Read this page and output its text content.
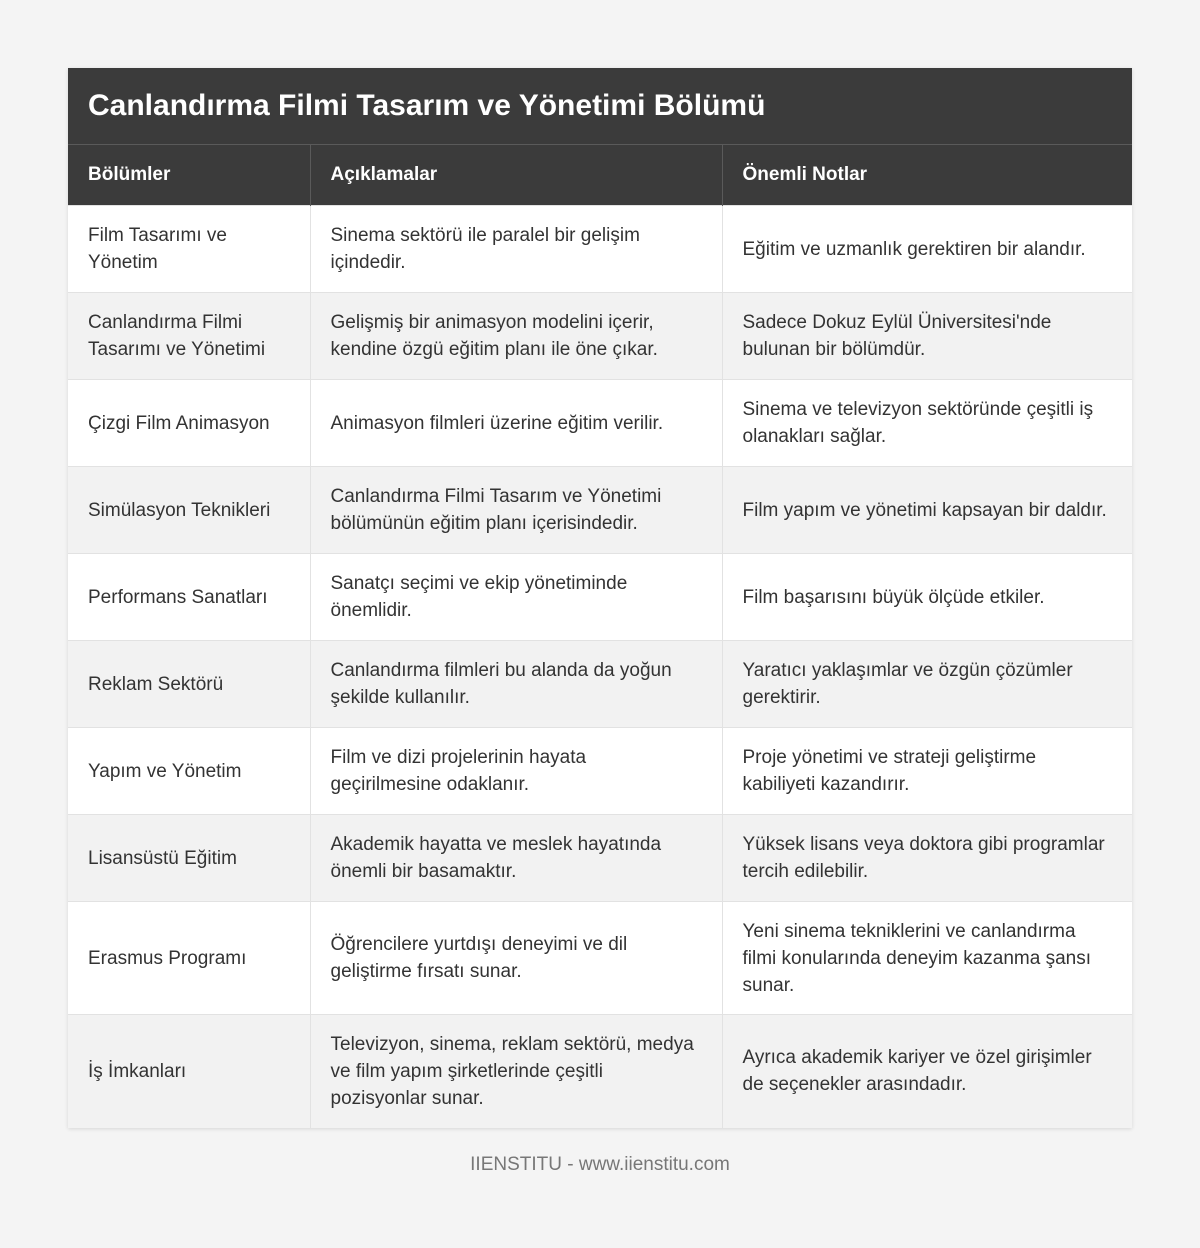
Canlandırma Filmi Tasarım ve Yönetimi Bölümü
Bölümler	Açıklamalar	Önemli Notlar
Film Tasarımı ve Yönetim	Sinema sektörü ile paralel bir gelişim içindedir.	Eğitim ve uzmanlık gerektiren bir alandır.
Canlandırma Filmi Tasarımı ve Yönetimi	Gelişmiş bir animasyon modelini içerir, kendine özgü eğitim planı ile öne çıkar.	Sadece Dokuz Eylül Üniversitesi'nde bulunan bir bölümdür.
Çizgi Film Animasyon	Animasyon filmleri üzerine eğitim verilir.	Sinema ve televizyon sektöründe çeşitli iş olanakları sağlar.
Simülasyon Teknikleri	Canlandırma Filmi Tasarım ve Yönetimi bölümünün eğitim planı içerisindedir.	Film yapım ve yönetimi kapsayan bir daldır.
Performans Sanatları	Sanatçı seçimi ve ekip yönetiminde önemlidir.	Film başarısını büyük ölçüde etkiler.
Reklam Sektörü	Canlandırma filmleri bu alanda da yoğun şekilde kullanılır.	Yaratıcı yaklaşımlar ve özgün çözümler gerektirir.
Yapım ve Yönetim	Film ve dizi projelerinin hayata geçirilmesine odaklanır.	Proje yönetimi ve strateji geliştirme kabiliyeti kazandırır.
Lisansüstü Eğitim	Akademik hayatta ve meslek hayatında önemli bir basamaktır.	Yüksek lisans veya doktora gibi programlar tercih edilebilir.
Erasmus Programı	Öğrencilere yurtdışı deneyimi ve dil geliştirme fırsatı sunar.	Yeni sinema tekniklerini ve canlandırma filmi konularında deneyim kazanma şansı sunar.
İş İmkanları	Televizyon, sinema, reklam sektörü, medya ve film yapım şirketlerinde çeşitli pozisyonlar sunar.	Ayrıca akademik kariyer ve özel girişimler de seçenekler arasındadır.
IIENSTITU - www.iienstitu.com
